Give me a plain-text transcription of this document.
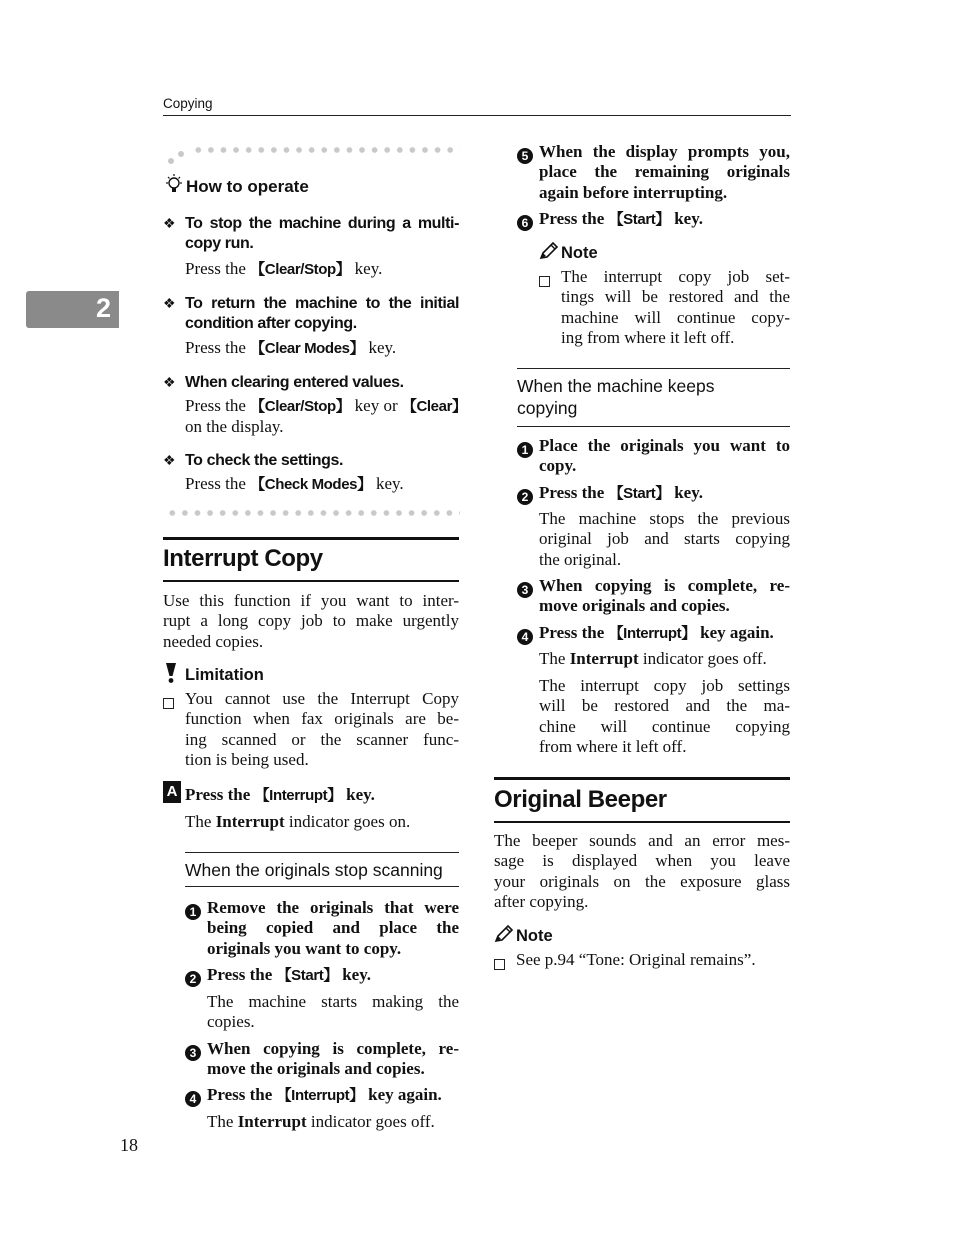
Copying
2
How to operate
❖ To stop the machine during a multi-
copy run.
Press the 【Clear/Stop】 key.
❖ To return the machine to the initial
condition after copying.
Press the 【Clear Modes】 key.
❖ When clearing entered values.
Press the 【Clear/Stop】 key or 【Clear】
on the display.
❖ To check the settings.
Press the 【Check Modes】 key.
Interrupt Copy
Use this function if you want to inter-
rupt a long copy job to make urgently
needed copies.
Limitation
You cannot use the Interrupt Copy
function when fax originals are be-
ing scanned or the scanner func-
tion is being used.
A Press the 【Interrupt】 key.
The Interrupt indicator goes on.
When the originals stop scanning
1 Remove the originals that were
being copied and place the
originals you want to copy.
2 Press the 【Start】 key.
The machine starts making the
copies.
3 When copying is complete, re-
move the originals and copies.
4 Press the 【Interrupt】 key again.
The Interrupt indicator goes off.
18
5 When the display prompts you,
place the remaining originals
again before interrupting.
6 Press the 【Start】 key.
Note
The interrupt copy job set-
tings will be restored and the
machine will continue copy-
ing from where it left off.
When the machine keeps
copying
1 Place the originals you want to
copy.
2 Press the 【Start】 key.
The machine stops the previous
original job and starts copying
the original.
3 When copying is complete, re-
move originals and copies.
4 Press the 【Interrupt】 key again.
The Interrupt indicator goes off.
The interrupt copy job settings
will be restored and the ma-
chine will continue copying
from where it left off.
Original Beeper
The beeper sounds and an error mes-
sage is displayed when you leave
your originals on the exposure glass
after copying.
Note
See p.94 “Tone: Original remains”.
